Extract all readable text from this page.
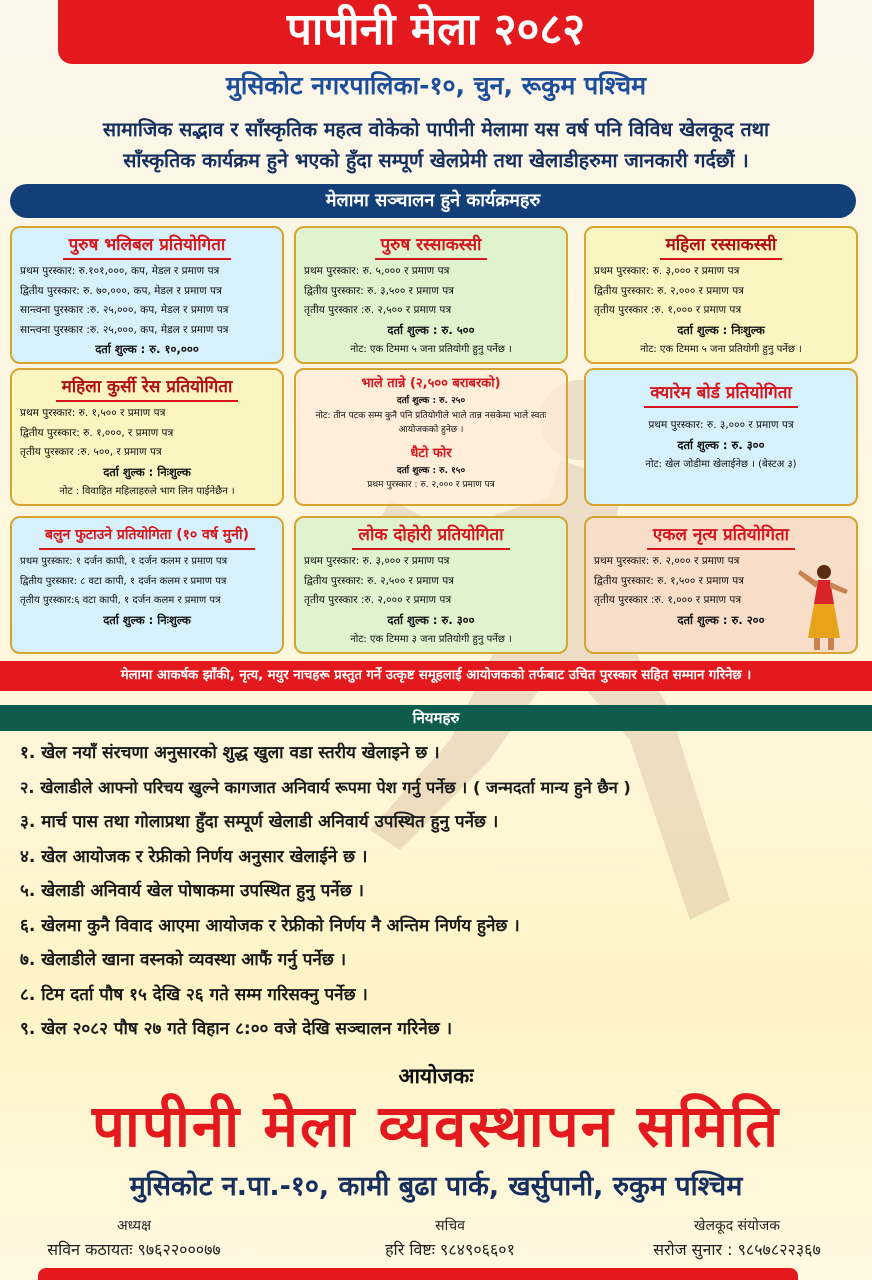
पापीनी मेला २०८२
मुसिकोट नगरपालिका-१०, चुन, रूकुम पश्चिम
सामाजिक सद्भाव र साँस्कृतिक महत्व वोकेको पापीनी मेलामा यस वर्ष पनि विविध खेलकूद तथा
साँस्कृतिक कार्यक्रम हुने भएको हुँदा सम्पूर्ण खेलप्रेमी तथा खेलाडीहरुमा जानकारी गर्दछौं ।
मेलामा सञ्चालन हुने कार्यक्रमहरु
पुरुष भलिबल प्रतियोगिता
प्रथम पुरस्कार: रु.१०१,०००, कप, मेडल र प्रमाण पत्र
द्वितीय पुरस्कार: रु. ७०,०००, कप, मेडल र प्रमाण पत्र
सान्त्वना पुरस्कार :रु. २५,०००, कप, मेडल र प्रमाण पत्र
सान्त्वना पुरस्कार :रु. २५,०००, कप, मेडल र प्रमाण पत्र
दर्ता शुल्क : रु. १०,०००
पुरुष रस्साकस्सी
प्रथम पुरस्कार: रु. ५,००० र प्रमाण पत्र
द्वितीय पुरस्कार: रु. ३,५०० र प्रमाण पत्र
तृतीय पुरस्कार :रु. २,५०० र प्रमाण पत्र
दर्ता शुल्क : रु. ५००
नोट: एक टिममा ५ जना प्रतियोगी हुनु पर्नेछ ।
महिला रस्साकस्सी
प्रथम पुरस्कार: रु. ३,००० र प्रमाण पत्र
द्वितीय पुरस्कार: रु. २,००० र प्रमाण पत्र
तृतीय पुरस्कार :रु. १,००० र प्रमाण पत्र
दर्ता शुल्क : निःशुल्क
नोट: एक टिममा ५ जना प्रतियोगी हुनु पर्नेछ ।
महिला कुर्सी रेस प्रतियोगिता
प्रथम पुरस्कार: रु. १,५०० र प्रमाण पत्र
द्वितीय पुरस्कार: रु. १,०००, र प्रमाण पत्र
तृतीय पुरस्कार :रु. ५००, र प्रमाण पत्र
दर्ता शुल्क : निःशुल्क
नोट : विवाहित महिलाहरुले भाग लिन पाईनेछैन ।
भाले तान्ने (२,५०० बराबरको)
दर्ता शुल्क : रु. २५०
नोट: तीन पटक सम्म कुनै पनि प्रतियोगीले भाले तान्न नसकेमा भाले स्वतः आयोजकको हुनेछ ।
धैटो फोर
दर्ता शुल्क : रु. १५०
प्रथम पुरस्कार : रु. २,००० र प्रमाण पत्र
क्यारेम बोर्ड प्रतियोगिता
प्रथम पुरस्कार: रु. ३,००० र प्रमाण पत्र
दर्ता शुल्क : रु. ३००
नोट: खेल जोडीमा खेलाईनेछ । (बेस्टअ ३)
बलुन फुटाउने प्रतियोगिता (१० वर्ष मुनी)
प्रथम पुरस्कार: १ दर्जन कापी, १ दर्जन कलम र प्रमाण पत्र
द्वितीय पुरस्कार: ८ वटा कापी, १ दर्जन कलम र प्रमाण पत्र
तृतीय पुरस्कार:६ वटा कापी, १ दर्जन कलम र प्रमाण पत्र
दर्ता शुल्क : निःशुल्क
लोक दोहोरी प्रतियोगिता
प्रथम पुरस्कार: रु. ३,००० र प्रमाण पत्र
द्वितीय पुरस्कार: रु. २,५०० र प्रमाण पत्र
तृतीय पुरस्कार :रु. २,००० र प्रमाण पत्र
दर्ता शुल्क : रु. ३००
नोट: एक टिममा ३ जना प्रतियोगी हुनु पर्नेछ ।
एकल नृत्य प्रतियोगिता
प्रथम पुरस्कार: रु. २,००० र प्रमाण पत्र
द्वितीय पुरस्कार: रु. १,५०० र प्रमाण पत्र
तृतीय पुरस्कार :रु. १,००० र प्रमाण पत्र
दर्ता शुल्क : रु. २००
मेलामा आकर्षक झाँकी, नृत्य, मयुर नाचहरू प्रस्तुत गर्ने उत्कृष्ट समूहलाई आयोजकको तर्फबाट उचित पुरस्कार सहित सम्मान गरिनेछ ।
नियमहरु
१. खेल नयाँ संरचणा अनुसारको शुद्ध खुला वडा स्तरीय खेलाइने छ ।
२. खेलाडीले आफ्नो परिचय खुल्ने कागजात अनिवार्य रूपमा पेश गर्नु पर्नेछ । ( जन्मदर्ता मान्य हुने छैन )
३. मार्च पास तथा गोलाप्रथा हुँदा सम्पूर्ण खेलाडी अनिवार्य उपस्थित हुनु पर्नेछ ।
४. खेल आयोजक र रेफ्रीको निर्णय अनुसार खेलाईने छ ।
५. खेलाडी अनिवार्य खेल पोषाकमा उपस्थित हुनु पर्नेछ ।
६. खेलमा कुनै विवाद आएमा आयोजक र रेफ्रीको निर्णय नै अन्तिम निर्णय हुनेछ ।
७. खेलाडीले खाना वस्नको व्यवस्था आफैं गर्नु पर्नेछ ।
८. टिम दर्ता पौष १५ देखि २६ गते सम्म गरिसक्नु पर्नेछ ।
९. खेल २०८२ पौष २७ गते विहान ८:०० वजे देखि सञ्चालन गरिनेछ ।
आयोजकः
पापीनी मेला व्यवस्थापन समिति
मुसिकोट न.पा.-१०, कामी बुढा पार्क, खर्सुपानी, रुकुम पश्चिम
अध्यक्ष
सविन कठायतः ९७६२२०००७७
सचिव
हरि विष्टः ९८४९०६६०१
खेलकूद संयोजक
सरोज सुनार : ९८५७८२२३६७
